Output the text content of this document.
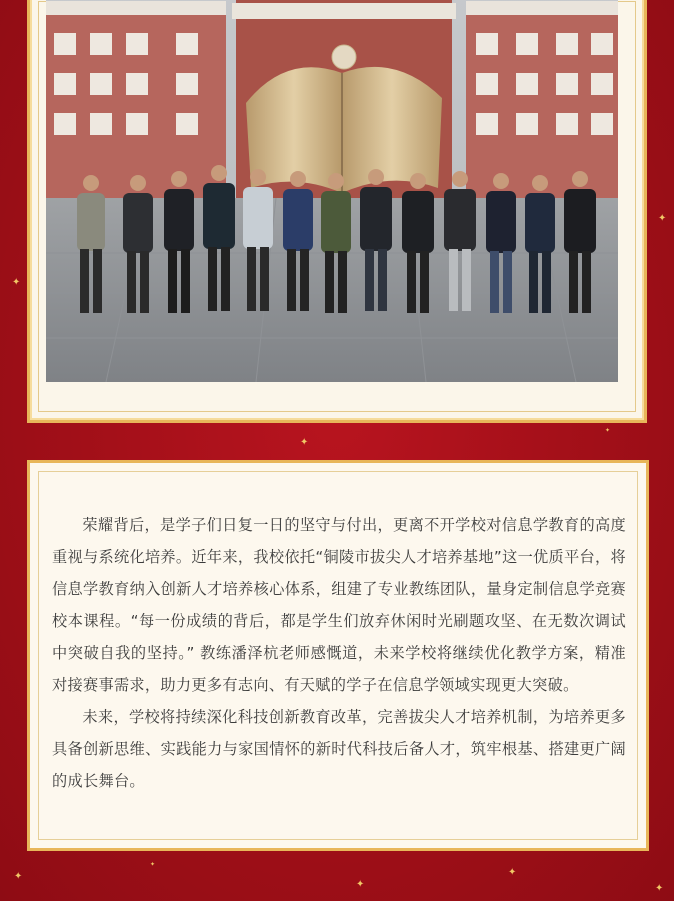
✦
✦
✦
✦
✦
✦
✦
✦
✦

荣耀背后，是学子们日复一日的坚守与付出，更离不开学校对信息学教育的高度重视与系统化培养。近年来，我校依托“铜陵市拔尖人才培养基地”这一优质平台，将信息学教育纳入创新人才培养核心体系，组建了专业教练团队，量身定制信息学竞赛校本课程。“每一份成绩的背后，都是学生们放弃休闲时光刷题攻坚、在无数次调试中突破自我的坚持。” 教练潘泽杭老师感慨道，未来学校将继续优化教学方案，精准对接赛事需求，助力更多有志向、有天赋的学子在信息学领域实现更大突破。

未来，学校将持续深化科技创新教育改革，完善拔尖人才培养机制，为培养更多具备创新思维、实践能力与家国情怀的新时代科技后备人才，筑牢根基、搭建更广阔的成长舞台。
